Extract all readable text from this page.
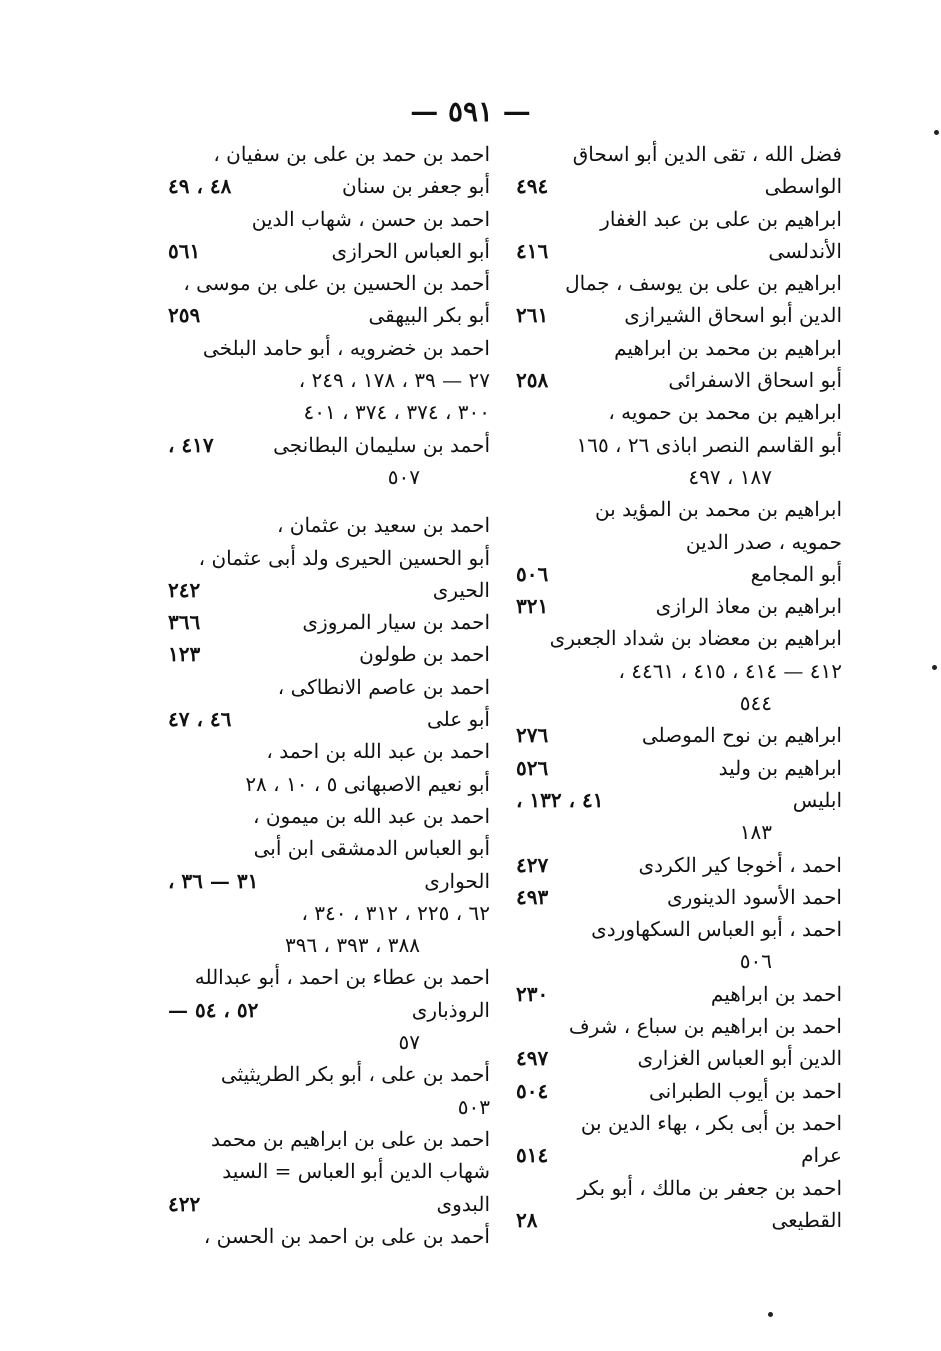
— ٥٩١ —
فضل الله ، تقى الدين أبو اسحاق
الواسطى
٤٩٤
ابراهيم بن على بن عبد الغفار
الأندلسى
٤١٦
ابراهيم بن على بن يوسف ، جمال
الدين أبو اسحاق الشيرازى
٢٦١
ابراهيم بن محمد بن ابراهيم
أبو اسحاق الاسفرائى
٢٥٨
ابراهيم بن محمد بن حمويه ،
أبو القاسم النصر اباذى ٢٦ ، ١٦٥
١٨٧ ، ٤٩٧
ابراهيم بن محمد بن المؤيد بن
حمويه ، صدر الدين
أبو المجامع
٥٠٦
ابراهيم بن معاذ الرازى
٣٢١
ابراهيم بن معضاد بن شداد الجعبرى
٤١٢ — ٤١٤ ، ٤١٥ ، ٤٤٦١ ،
٥٤٤
ابراهيم بن نوح الموصلى
٢٧٦
ابراهيم بن وليد
٥٢٦
ابليس
٤١ ، ١٣٢ ،
١٨٣
احمد ، أخوجا كير الكردى
٤٢٧
احمد الأسود الدينورى
٤٩٣
احمد ، أبو العباس السكهاوردى
٥٠٦
احمد بن ابراهيم
٢٣٠
احمد بن ابراهيم بن سباع ، شرف
الدين أبو العباس الغزارى
٤٩٧
احمد بن أيوب الطبرانى
٥٠٤
احمد بن أبى بكر ، بهاء الدين بن
عرام
٥١٤
احمد بن جعفر بن مالك ، أبو بكر
القطيعى
٢٨
احمد بن حمد بن على بن سفيان ،
أبو جعفر بن سنان
٤٨ ، ٤٩
احمد بن حسن ، شهاب الدين
أبو العباس الحرازى
٥٦١
أحمد بن الحسين بن على بن موسى ،
أبو بكر البيهقى
٢٥٩
احمد بن خضرويه ، أبو حامد البلخى
٢٧ — ٣٩ ، ١٧٨ ، ٢٤٩ ،
٣٠٠ ، ٣٧٤ ، ٣٧٤ ، ٤٠١
أحمد بن سليمان البطانجى
٤١٧ ،
٥٠٧
احمد بن سعيد بن عثمان ،
أبو الحسين الحيرى ولد أبى عثمان ،
الحيرى
٢٤٢
احمد بن سيار المروزى
٣٦٦
احمد بن طولون
١٢٣
احمد بن عاصم الانطاكى ،
أبو على
٤٦ ، ٤٧
احمد بن عبد الله بن احمد ،
أبو نعيم الاصبهانى ٥ ، ١٠ ، ٢٨
احمد بن عبد الله بن ميمون ،
أبو العباس الدمشقى ابن أبى
الحوارى
٣١ — ٣٦ ،
٦٢ ، ٢٢٥ ، ٣١٢ ، ٣٤٠ ،
٣٨٨ ، ٣٩٣ ، ٣٩٦
احمد بن عطاء بن احمد ، أبو عبدالله
الروذبارى
٥٢ ، ٥٤ —
٥٧
أحمد بن على ، أبو بكر الطريثيثى
٥٠٣
احمد بن على بن ابراهيم بن محمد
شهاب الدين أبو العباس = السيد
البدوى
٤٢٢
أحمد بن على بن احمد بن الحسن ،
